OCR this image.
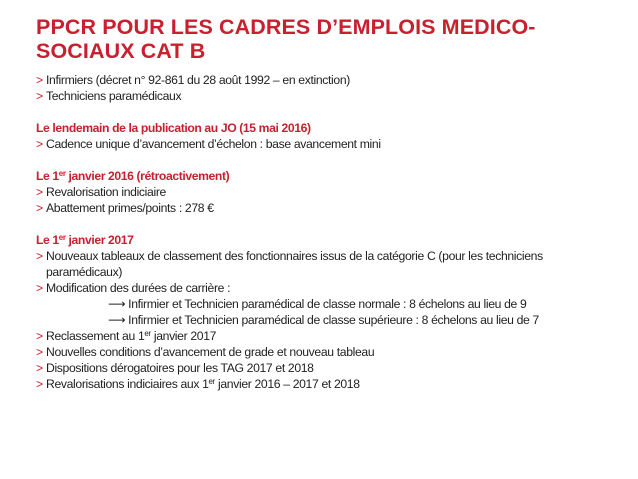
PPCR POUR LES CADRES D’EMPLOIS MEDICO-
SOCIAUX CAT B
> Infirmiers (décret n° 92-861 du 28 août 1992 – en extinction)
> Techniciens paramédicaux
Le lendemain de la publication au JO (15 mai 2016)
> Cadence unique d’avancement d’échelon : base avancement mini
Le 1er janvier 2016 (rétroactivement)
> Revalorisation indiciaire
> Abattement primes/points : 278 €
Le 1er janvier 2017
> Nouveaux tableaux de classement des fonctionnaires issus de la catégorie C (pour les techniciens
paramédicaux)
> Modification des durées de carrière :
⟶ Infirmier et Technicien paramédical de classe normale : 8 échelons au lieu de 9
⟶ Infirmier et Technicien paramédical de classe supérieure : 8 échelons au lieu de 7
> Reclassement au 1er janvier 2017
> Nouvelles conditions d’avancement de grade et nouveau tableau
> Dispositions dérogatoires pour les TAG 2017 et 2018
> Revalorisations indiciaires aux 1er janvier 2016 – 2017 et 2018
